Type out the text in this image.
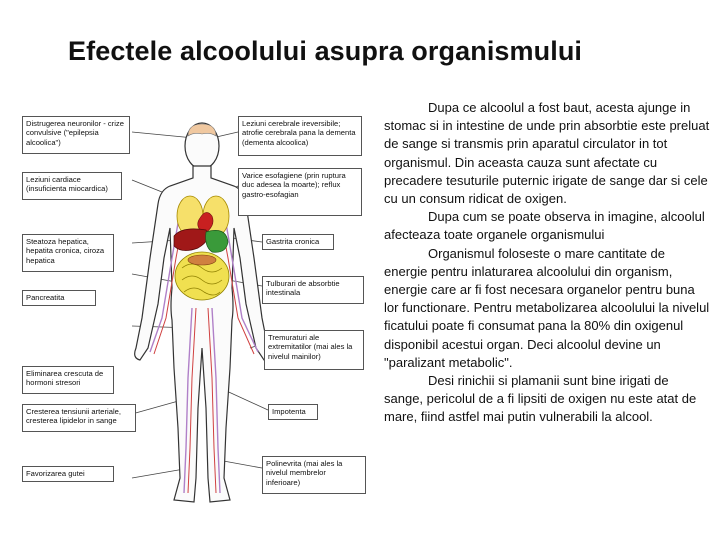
Efectele alcoolului asupra organismului
Distrugerea neuronilor - crize convulsive ("epilepsia alcoolica")
Leziuni cardiace (insuficienta miocardica)
Steatoza hepatica, hepatita cronica, ciroza hepatica
Pancreatita
Eliminarea crescuta de hormoni stresori
Cresterea tensiunii arteriale, cresterea lipidelor in sange
Favorizarea gutei
Leziuni cerebrale ireversibile; atrofie cerebrala pana la dementa (dementa alcoolica)
Varice esofagiene (prin ruptura duc adesea la moarte); reflux gastro-esofagian
Gastrita cronica
Tulburari de absorbtie intestinala
Tremuraturi ale extremitatilor (mai ales la nivelul mainilor)
Impotenta
Polinevrita (mai ales la nivelul membrelor inferioare)

Dupa ce alcoolul a fost baut, acesta ajunge in stomac si in intestine de unde prin absorbtie este preluat de sange si transmis prin aparatul circulator in tot organismul. Din aceasta cauza sunt afectate cu precadere tesuturile puternic irigate de sange dar si cele cu un consum ridicat de oxigen.

Dupa cum se poate observa in imagine, alcoolul afecteaza toate organele organismului

Organismul foloseste o mare cantitate de energie pentru inlaturarea alcoolului din organism, energie care ar fi fost necesara organelor pentru buna lor functionare. Pentru metabolizarea alcoolului la nivelul ficatului poate fi consumat pana la 80% din oxigenul disponibil acestui organ. Deci alcoolul devine un "paralizant metabolic".

Desi rinichii si plamanii sunt bine irigati de sange, pericolul de a fi lipsiti de oxigen nu este atat de mare, fiind astfel mai putin vulnerabili la alcool.
